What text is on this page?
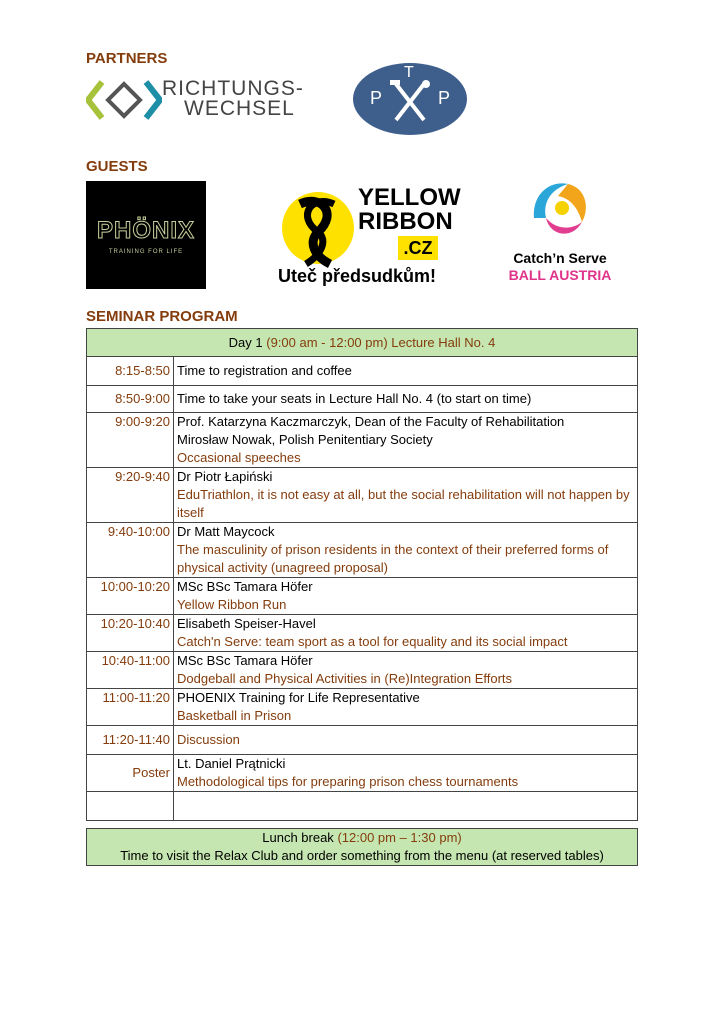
PARTNERS
RICHTUNGS-
WECHSEL
T
P	P
GUESTS
PHÖNIX
TRAINING FOR LIFE
YELLOW
RIBBON
.CZ
Uteč předsudkům!
Catch’n Serve
BALL AUSTRIA
SEMINAR PROGRAM
Day 1 (9:00 am - 12:00 pm) Lecture Hall No. 4	
8:15-8:50	Time to registration and coffee

8:50-9:00	Time to take your seats in Lecture Hall No. 4 (to start on time)

9:00-9:20	Prof. Katarzyna Kaczmarczyk, Dean of the Faculty of Rehabilitation
Mirosław Nowak, Polish Penitentiary Society
Occasional speeches

9:20-9:40	Dr Piotr Łapiński
EduTriathlon, it is not easy at all, but the social rehabilitation will not happen by itself

9:40-10:00	Dr Matt Maycock
The masculinity of prison residents in the context of their preferred forms of physical activity (unagreed proposal)

10:00-10:20	MSc BSc Tamara Höfer
Yellow Ribbon Run

10:20-10:40	Elisabeth Speiser-Havel
Catch'n Serve: team sport as a tool for equality and its social impact

10:40-11:00	MSc BSc Tamara Höfer
Dodgeball and Physical Activities in (Re)Integration Efforts

11:00-11:20	PHOENIX Training for Life Representative
Basketball in Prison

11:20-11:40	Discussion

Poster	Lt. Daniel Prątnicki
Methodological tips for preparing prison chess tournaments

Lunch break (12:00 pm – 1:30 pm)
Time to visit the Relax Club and order something from the menu (at reserved tables)
